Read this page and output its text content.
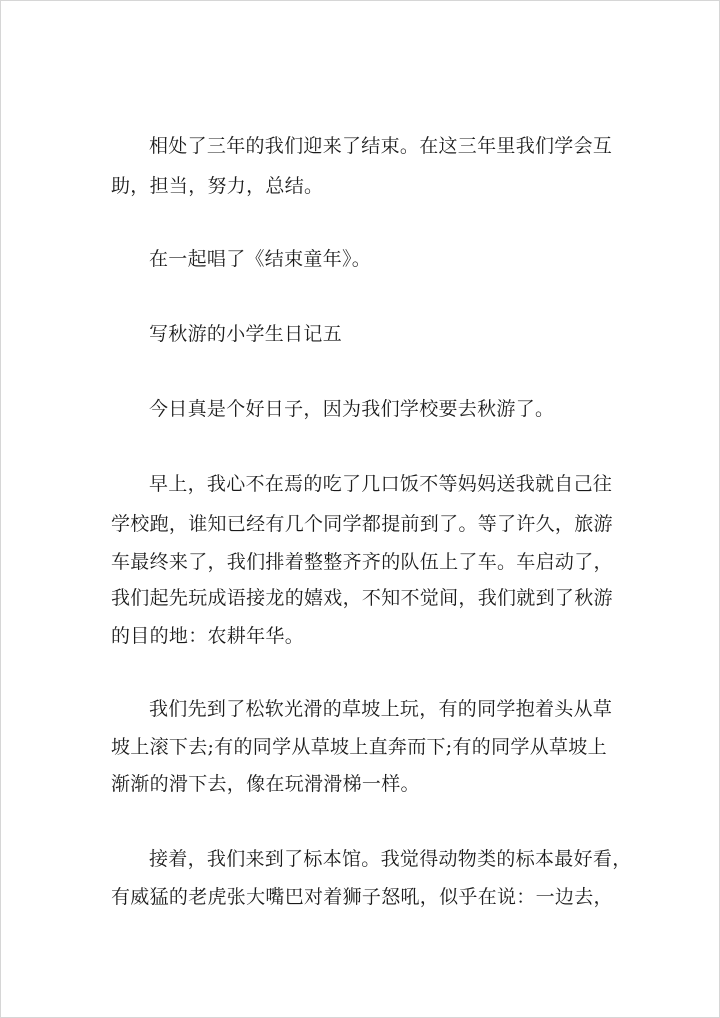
相处了三年的我们迎来了结束。在这三年里我们学会互
助，担当，努力，总结。
在一起唱了《结束童年》。
写秋游的小学生日记五
今日真是个好日子，因为我们学校要去秋游了。
早上，我心不在焉的吃了几口饭不等妈妈送我就自己往
学校跑，谁知已经有几个同学都提前到了。等了许久，旅游
车最终来了，我们排着整整齐齐的队伍上了车。车启动了，
我们起先玩成语接龙的嬉戏，不知不觉间，我们就到了秋游
的目的地：农耕年华。
我们先到了松软光滑的草坡上玩，有的同学抱着头从草
坡上滚下去;有的同学从草坡上直奔而下;有的同学从草坡上
渐渐的滑下去，像在玩滑滑梯一样。
接着，我们来到了标本馆。我觉得动物类的标本最好看，
有威猛的老虎张大嘴巴对着狮子怒吼，似乎在说：一边去，
